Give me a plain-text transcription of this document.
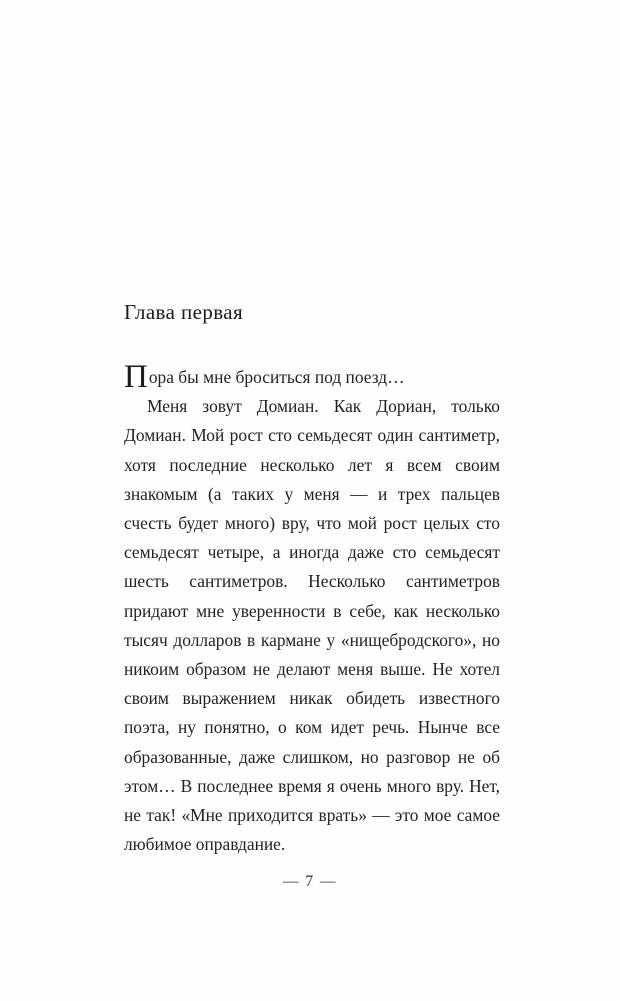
Глава первая

Пора бы мне броситься под поезд…

Меня зовут Домиан. Как Дориан, только Домиан. Мой рост сто семьдесят один сантиметр, хотя последние несколько лет я всем своим знакомым (а таких у меня — и трех пальцев счесть будет много) вру, что мой рост целых сто семьдесят четыре, а иногда даже сто семьдесят шесть сантиметров. Несколько сантиметров придают мне уверенности в себе, как несколько тысяч долларов в кармане у «нищебродского», но никоим образом не делают меня выше. Не хотел своим выражением никак обидеть известного поэта, ну понятно, о ком идет речь. Нынче все образованные, даже слишком, но разговор не об этом… В последнее время я очень много вру. Нет, не так! «Мне приходится врать» — это мое самое любимое оправдание.

— 7 —
